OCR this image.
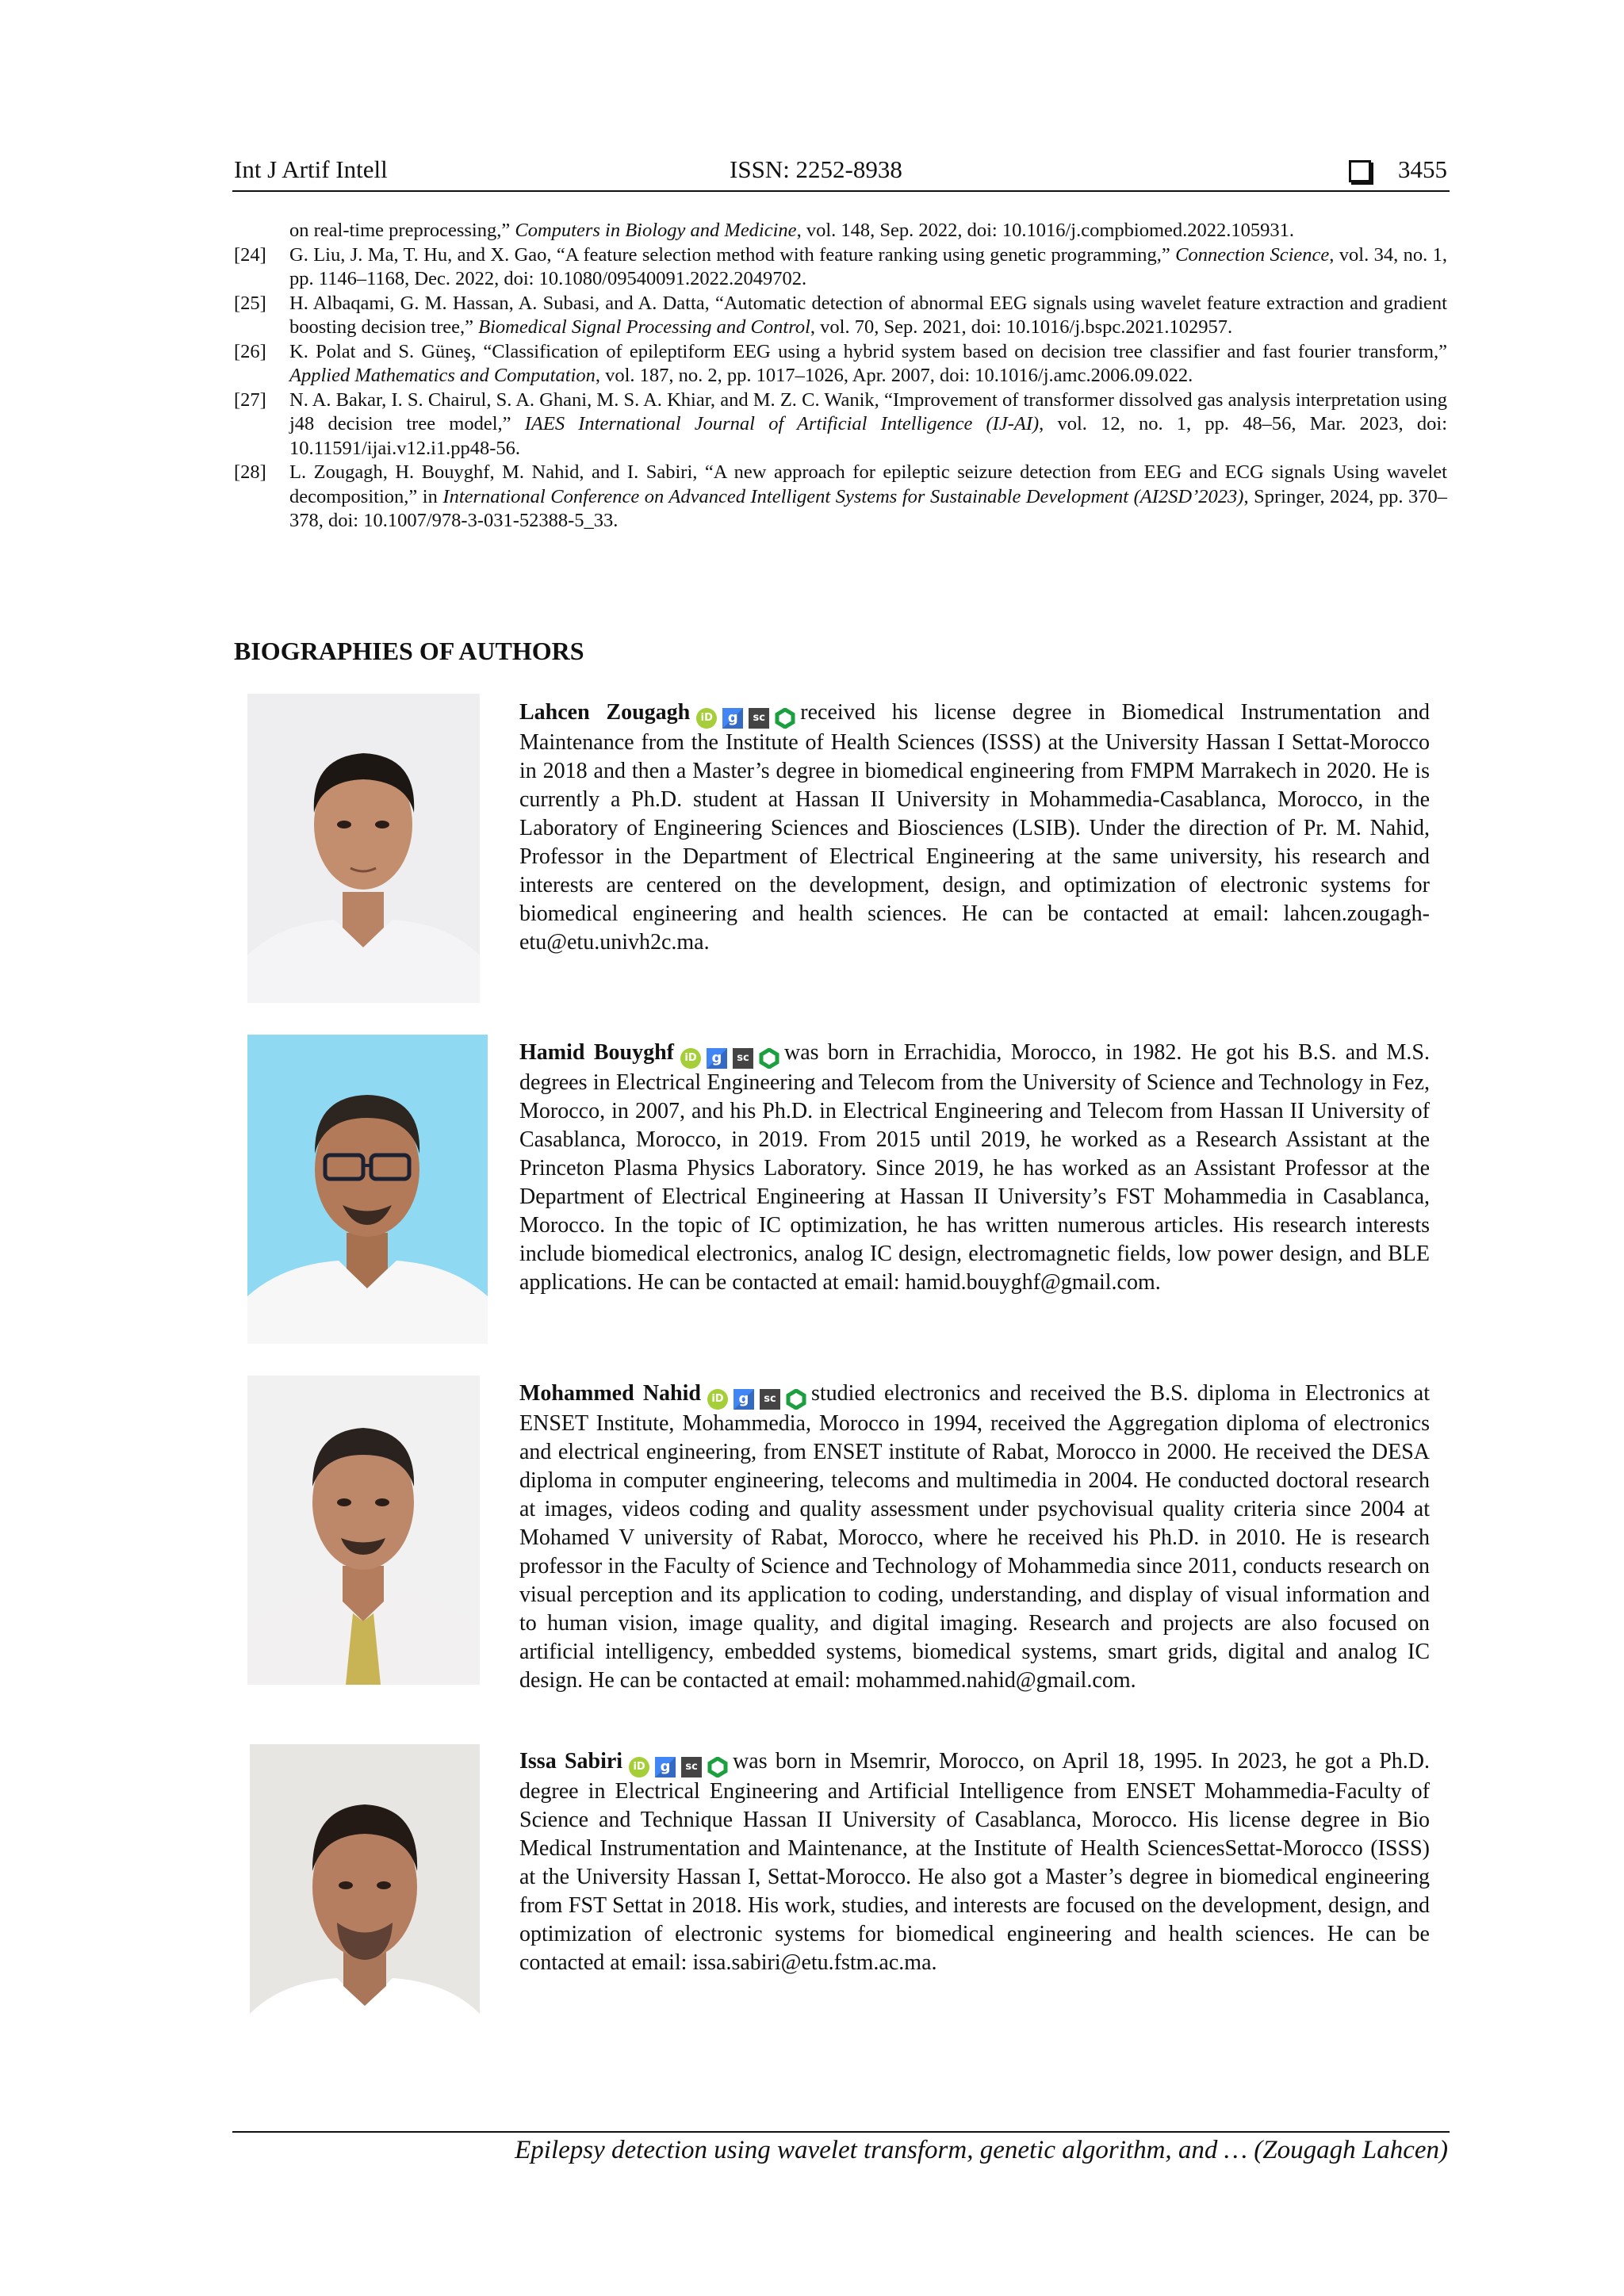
Int J Artif Intell	ISSN: 2252-8938	3455
on real-time preprocessing,” Computers in Biology and Medicine, vol. 148, Sep. 2022, doi: 10.1016/j.compbiomed.2022.105931.
[24]	G. Liu, J. Ma, T. Hu, and X. Gao, “A feature selection method with feature ranking using genetic programming,” Connection Science, vol. 34, no. 1, pp. 1146–1168, Dec. 2022, doi: 10.1080/09540091.2022.2049702.
[25]	H. Albaqami, G. M. Hassan, A. Subasi, and A. Datta, “Automatic detection of abnormal EEG signals using wavelet feature extraction and gradient boosting decision tree,” Biomedical Signal Processing and Control, vol. 70, Sep. 2021, doi: 10.1016/j.bspc.2021.102957.
[26]	K. Polat and S. Güneş, “Classification of epileptiform EEG using a hybrid system based on decision tree classifier and fast fourier transform,” Applied Mathematics and Computation, vol. 187, no. 2, pp. 1017–1026, Apr. 2007, doi: 10.1016/j.amc.2006.09.022.
[27]	N. A. Bakar, I. S. Chairul, S. A. Ghani, M. S. A. Khiar, and M. Z. C. Wanik, “Improvement of transformer dissolved gas analysis interpretation using j48 decision tree model,” IAES International Journal of Artificial Intelligence (IJ-AI), vol. 12, no. 1, pp. 48–56, Mar. 2023, doi: 10.11591/ijai.v12.i1.pp48-56.
[28]	L. Zougagh, H. Bouyghf, M. Nahid, and I. Sabiri, “A new approach for epileptic seizure detection from EEG and ECG signals Using wavelet decomposition,” in International Conference on Advanced Intelligent Systems for Sustainable Development (AI2SD’2023), Springer, 2024, pp. 370–378, doi: 10.1007/978-3-031-52388-5_33.
BIOGRAPHIES OF AUTHORS
Lahcen Zougagh	iD	g	sc received his license degree in Biomedical Instrumentation and Maintenance from the Institute of Health Sciences (ISSS) at the University Hassan I Settat-Morocco in 2018 and then a Master’s degree in biomedical engineering from FMPM Marrakech in 2020. He is currently a Ph.D. student at Hassan II University in Mohammedia-Casablanca, Morocco, in the Laboratory of Engineering Sciences and Biosciences (LSIB). Under the direction of Pr. M. Nahid, Professor in the Department of Electrical Engineering at the same university, his research and interests are centered on the development, design, and optimization of electronic systems for biomedical engineering and health sciences. He can be contacted at email: lahcen.zougagh-etu@etu.univh2c.ma.
Hamid Bouyghf	iD	g	sc was born in Errachidia, Morocco, in 1982. He got his B.S. and M.S. degrees in Electrical Engineering and Telecom from the University of Science and Technology in Fez, Morocco, in 2007, and his Ph.D. in Electrical Engineering and Telecom from Hassan II University of Casablanca, Morocco, in 2019. From 2015 until 2019, he worked as a Research Assistant at the Princeton Plasma Physics Laboratory. Since 2019, he has worked as an Assistant Professor at the Department of Electrical Engineering at Hassan II University’s FST Mohammedia in Casablanca, Morocco. In the topic of IC optimization, he has written numerous articles. His research interests include biomedical electronics, analog IC design, electromagnetic fields, low power design, and BLE applications. He can be contacted at email: hamid.bouyghf@gmail.com.
Mohammed Nahid	iD	g	sc studied electronics and received the B.S. diploma in Electronics at ENSET Institute, Mohammedia, Morocco in 1994, received the Aggregation diploma of electronics and electrical engineering, from ENSET institute of Rabat, Morocco in 2000. He received the DESA diploma in computer engineering, telecoms and multimedia in 2004. He conducted doctoral research at images, videos coding and quality assessment under psychovisual quality criteria since 2004 at Mohamed V university of Rabat, Morocco, where he received his Ph.D. in 2010. He is research professor in the Faculty of Science and Technology of Mohammedia since 2011, conducts research on visual perception and its application to coding, understanding, and display of visual information and to human vision, image quality, and digital imaging. Research and projects are also focused on artificial intelligency, embedded systems, biomedical systems, smart grids, digital and analog IC design. He can be contacted at email: mohammed.nahid@gmail.com.
Issa Sabiri	iD	g	sc was born in Msemrir, Morocco, on April 18, 1995. In 2023, he got a Ph.D. degree in Electrical Engineering and Artificial Intelligence from ENSET Mohammedia-Faculty of Science and Technique Hassan II University of Casablanca, Morocco. His license degree in Bio Medical Instrumentation and Maintenance, at the Institute of Health SciencesSettat-Morocco (ISSS) at the University Hassan I, Settat-Morocco. He also got a Master’s degree in biomedical engineering from FST Settat in 2018. His work, studies, and interests are focused on the development, design, and optimization of electronic systems for biomedical engineering and health sciences. He can be contacted at email: issa.sabiri@etu.fstm.ac.ma.
Epilepsy detection using wavelet transform, genetic algorithm, and … (Zougagh Lahcen)
